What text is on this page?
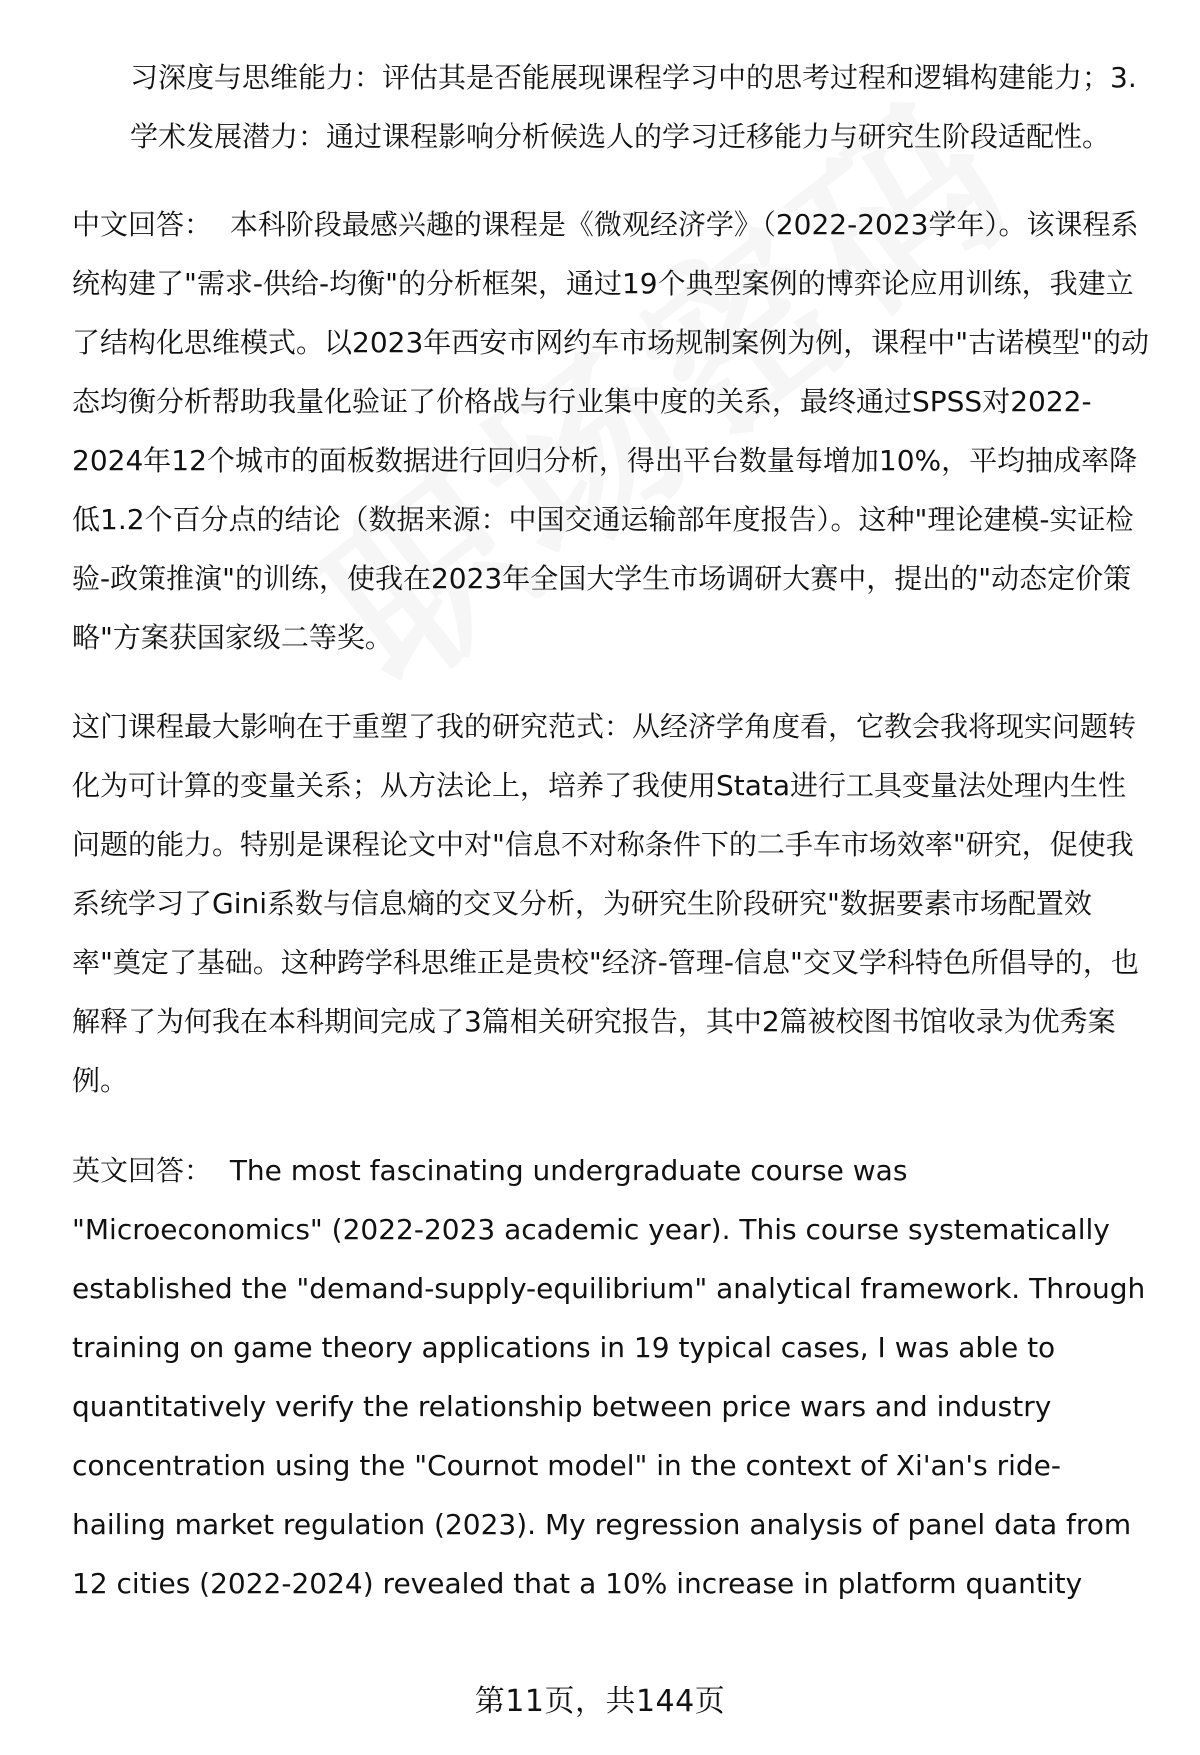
习深度与思维能力：评估其是否能展现课程学习中的思考过程和逻辑构建能力；3. 学术发展潜力：通过课程影响分析候选人的学习迁移能力与研究生阶段适配性。

中文回答： 本科阶段最感兴趣的课程是《微观经济学》（2022-2023学年）。该课程系统构建了"需求-供给-均衡"的分析框架，通过19个典型案例的博弈论应用训练，我建立了结构化思维模式。以2023年西安市网约车市场规制案例为例，课程中"古诺模型"的动态均衡分析帮助我量化验证了价格战与行业集中度的关系，最终通过SPSS对2022-2024年12个城市的面板数据进行回归分析，得出平台数量每增加10%，平均抽成率降低1.2个百分点的结论（数据来源：中国交通运输部年度报告）。这种"理论建模-实证检验-政策推演"的训练，使我在2023年全国大学生市场调研大赛中，提出的"动态定价策略"方案获国家级二等奖。

这门课程最大影响在于重塑了我的研究范式：从经济学角度看，它教会我将现实问题转化为可计算的变量关系；从方法论上，培养了我使用Stata进行工具变量法处理内生性问题的能力。特别是课程论文中对"信息不对称条件下的二手车市场效率"研究，促使我系统学习了Gini系数与信息熵的交叉分析，为研究生阶段研究"数据要素市场配置效率"奠定了基础。这种跨学科思维正是贵校"经济-管理-信息"交叉学科特色所倡导的，也解释了为何我在本科期间完成了3篇相关研究报告，其中2篇被校图书馆收录为优秀案例。

英文回答： The most fascinating undergraduate course was "Microeconomics" (2022-2023 academic year). This course systematically established the "demand-supply-equilibrium" analytical framework. Through training on game theory applications in 19 typical cases, I was able to quantitatively verify the relationship between price wars and industry concentration using the "Cournot model" in the context of Xi'an's ride-hailing market regulation (2023). My regression analysis of panel data from 12 cities (2022-2024) revealed that a 10% increase in platform quantity

第11页，共144页
